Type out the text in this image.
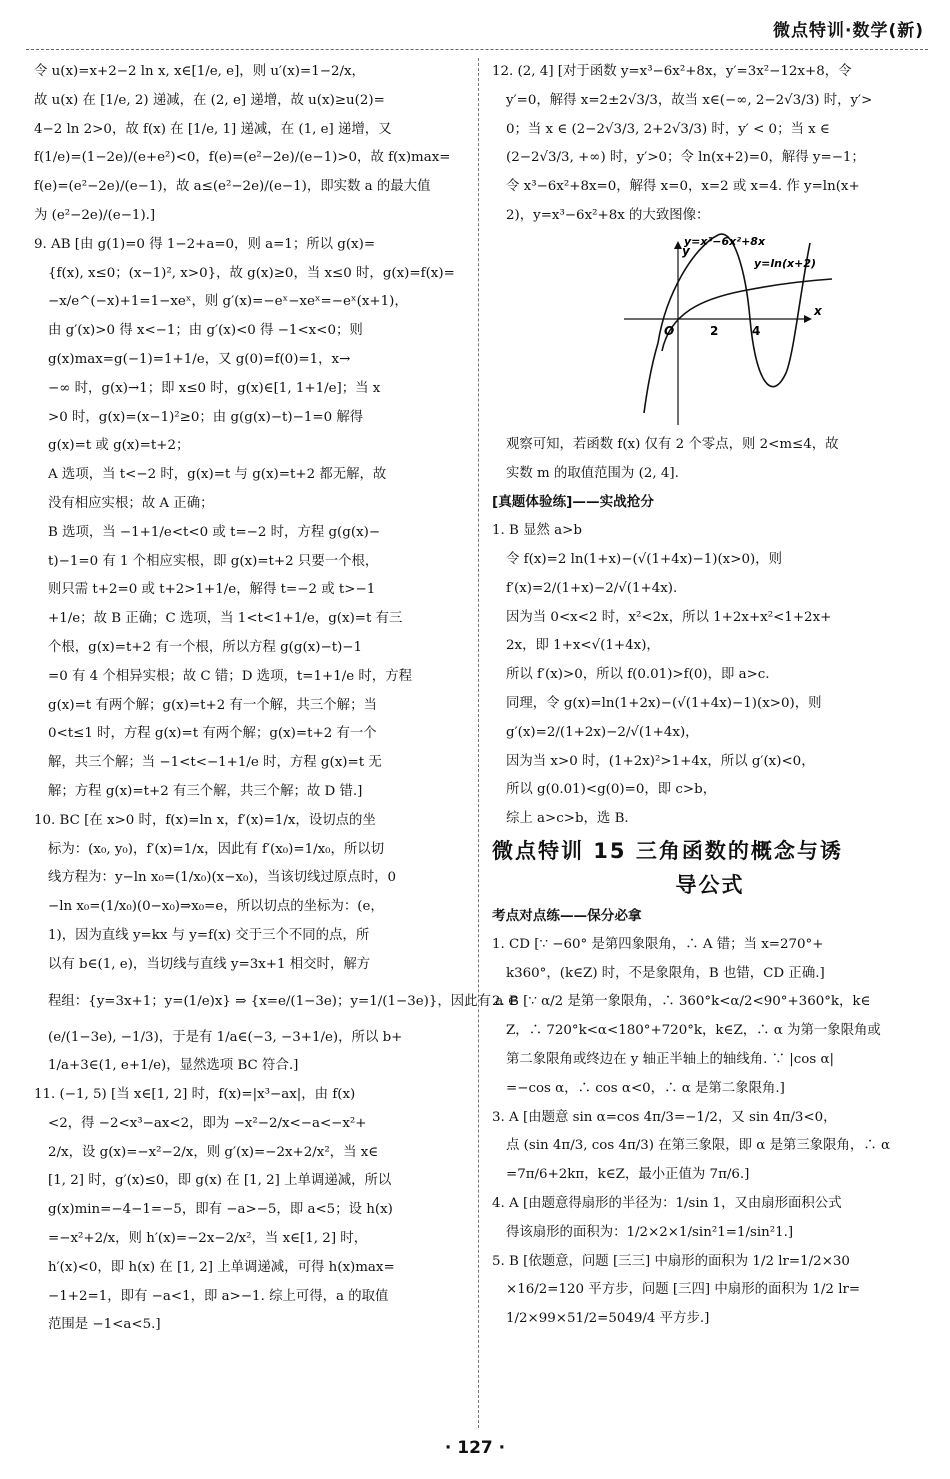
微点特训·数学(新)
令 u(x)=x+2−2 ln x, x∈[1/e, e]，则 u′(x)=1−2/x，
故 u(x) 在 [1/e, 2) 递减，在 (2, e] 递增，故 u(x)≥u(2)=
4−2 ln 2>0，故 f(x) 在 [1/e, 1] 递减，在 (1, e] 递增，又
f(1/e)=(1−2e)/(e+e²)<0，f(e)=(e²−2e)/(e−1)>0，故 f(x)max=
f(e)=(e²−2e)/(e−1)，故 a≤(e²−2e)/(e−1)，即实数 a 的最大值
为 (e²−2e)/(e−1).]
9. AB [由 g(1)=0 得 1−2+a=0，则 a=1；所以 g(x)=
{f(x), x≤0；(x−1)², x>0}，故 g(x)≥0，当 x≤0 时，g(x)=f(x)=
−x/e^(−x)+1=1−xeˣ，则 g′(x)=−eˣ−xeˣ=−eˣ(x+1)，
由 g′(x)>0 得 x<−1；由 g′(x)<0 得 −1<x<0；则
g(x)max=g(−1)=1+1/e，又 g(0)=f(0)=1，x→
−∞ 时，g(x)→1；即 x≤0 时，g(x)∈[1, 1+1/e]；当 x
>0 时，g(x)=(x−1)²≥0；由 g(g(x)−t)−1=0 解得
g(x)=t 或 g(x)=t+2；
A 选项，当 t<−2 时，g(x)=t 与 g(x)=t+2 都无解，故
没有相应实根；故 A 正确；
B 选项，当 −1+1/e<t<0 或 t=−2 时，方程 g(g(x)−
t)−1=0 有 1 个相应实根，即 g(x)=t+2 只要一个根，
则只需 t+2=0 或 t+2>1+1/e，解得 t=−2 或 t>−1
+1/e；故 B 正确；C 选项，当 1<t<1+1/e，g(x)=t 有三
个根，g(x)=t+2 有一个根，所以方程 g(g(x)−t)−1
=0 有 4 个相异实根；故 C 错；D 选项，t=1+1/e 时，方程
g(x)=t 有两个解；g(x)=t+2 有一个解，共三个解；当
0<t≤1 时，方程 g(x)=t 有两个解；g(x)=t+2 有一个
解，共三个解；当 −1<t<−1+1/e 时，方程 g(x)=t 无
解；方程 g(x)=t+2 有三个解，共三个解；故 D 错.]
10. BC [在 x>0 时，f(x)=ln x，f′(x)=1/x，设切点的坐
标为：(x₀, y₀)，f′(x)=1/x，因此有 f′(x₀)=1/x₀，所以切
线方程为：y−ln x₀=(1/x₀)(x−x₀)，当该切线过原点时，0
−ln x₀=(1/x₀)(0−x₀)⇒x₀=e，所以切点的坐标为：(e，
1)，因为直线 y=kx 与 y=f(x) 交于三个不同的点，所
以有 b∈(1, e)，当切线与直线 y=3x+1 相交时，解方
程组：{y=3x+1；y=(1/e)x} ⇒ {x=e/(1−3e)；y=1/(1−3e)}，因此有 a ∈
(e/(1−3e), −1/3)，于是有 1/a∈(−3, −3+1/e)，所以 b+
1/a+3∈(1, e+1/e)，显然选项 BC 符合.]
11. (−1, 5) [当 x∈[1, 2] 时，f(x)=|x³−ax|，由 f(x)
<2，得 −2<x³−ax<2，即为 −x²−2/x<−a<−x²+
2/x，设 g(x)=−x²−2/x，则 g′(x)=−2x+2/x²，当 x∈
[1, 2] 时，g′(x)≤0，即 g(x) 在 [1, 2] 上单调递减，所以
g(x)min=−4−1=−5，即有 −a>−5，即 a<5；设 h(x)
=−x²+2/x，则 h′(x)=−2x−2/x²，当 x∈[1, 2] 时，
h′(x)<0，即 h(x) 在 [1, 2] 上单调递减，可得 h(x)max=
−1+2=1，即有 −a<1，即 a>−1. 综上可得，a 的取值
范围是 −1<a<5.]
12. (2, 4] [对于函数 y=x³−6x²+8x，y′=3x²−12x+8，令
y′=0，解得 x=2±2√3/3，故当 x∈(−∞, 2−2√3/3) 时，y′>
0；当 x ∈ (2−2√3/3, 2+2√3/3) 时，y′ < 0；当 x ∈
(2−2√3/3, +∞) 时，y′>0；令 ln(x+2)=0，解得 y=−1；
令 x³−6x²+8x=0，解得 x=0，x=2 或 x=4. 作 y=ln(x+
2)，y=x³−6x²+8x 的大致图像：
y=x³−6x²+8x
y=ln(x+2)
x
y
O	2	4
观察可知，若函数 f(x) 仅有 2 个零点，则 2<m≤4，故
实数 m 的取值范围为 (2, 4].
[真题体验练]——实战抢分
1. B 显然 a>b
令 f(x)=2 ln(1+x)−(√(1+4x)−1)(x>0)，则
f′(x)=2/(1+x)−2/√(1+4x).
因为当 0<x<2 时，x²<2x，所以 1+2x+x²<1+2x+
2x，即 1+x<√(1+4x)，
所以 f′(x)>0，所以 f(0.01)>f(0)，即 a>c.
同理，令 g(x)=ln(1+2x)−(√(1+4x)−1)(x>0)，则
g′(x)=2/(1+2x)−2/√(1+4x)，
因为当 x>0 时，(1+2x)²>1+4x，所以 g′(x)<0，
所以 g(0.01)<g(0)=0，即 c>b，
综上 a>c>b，选 B.
微点特训 15 三角函数的概念与诱
导公式
考点对点练——保分必拿
1. CD [∵ −60° 是第四象限角，∴ A 错；当 x=270°+
k360°，(k∈Z) 时，不是象限角，B 也错，CD 正确.]
2. B [∵ α/2 是第一象限角，∴ 360°k<α/2<90°+360°k，k∈
Z，∴ 720°k<α<180°+720°k，k∈Z，∴ α 为第一象限角或
第二象限角或终边在 y 轴正半轴上的轴线角. ∵ |cos α|
=−cos α，∴ cos α<0，∴ α 是第二象限角.]
3. A [由题意 sin α=cos 4π/3=−1/2，又 sin 4π/3<0，
点 (sin 4π/3, cos 4π/3) 在第三象限，即 α 是第三象限角，∴ α
=7π/6+2kπ，k∈Z，最小正值为 7π/6.]
4. A [由题意得扇形的半径为：1/sin 1，又由扇形面积公式
得该扇形的面积为：1/2×2×1/sin²1=1/sin²1.]
5. B [依题意，问题 [三三] 中扇形的面积为 1/2 lr=1/2×30
×16/2=120 平方步，问题 [三四] 中扇形的面积为 1/2 lr=
1/2×99×51/2=5049/4 平方步.]
· 127 ·
